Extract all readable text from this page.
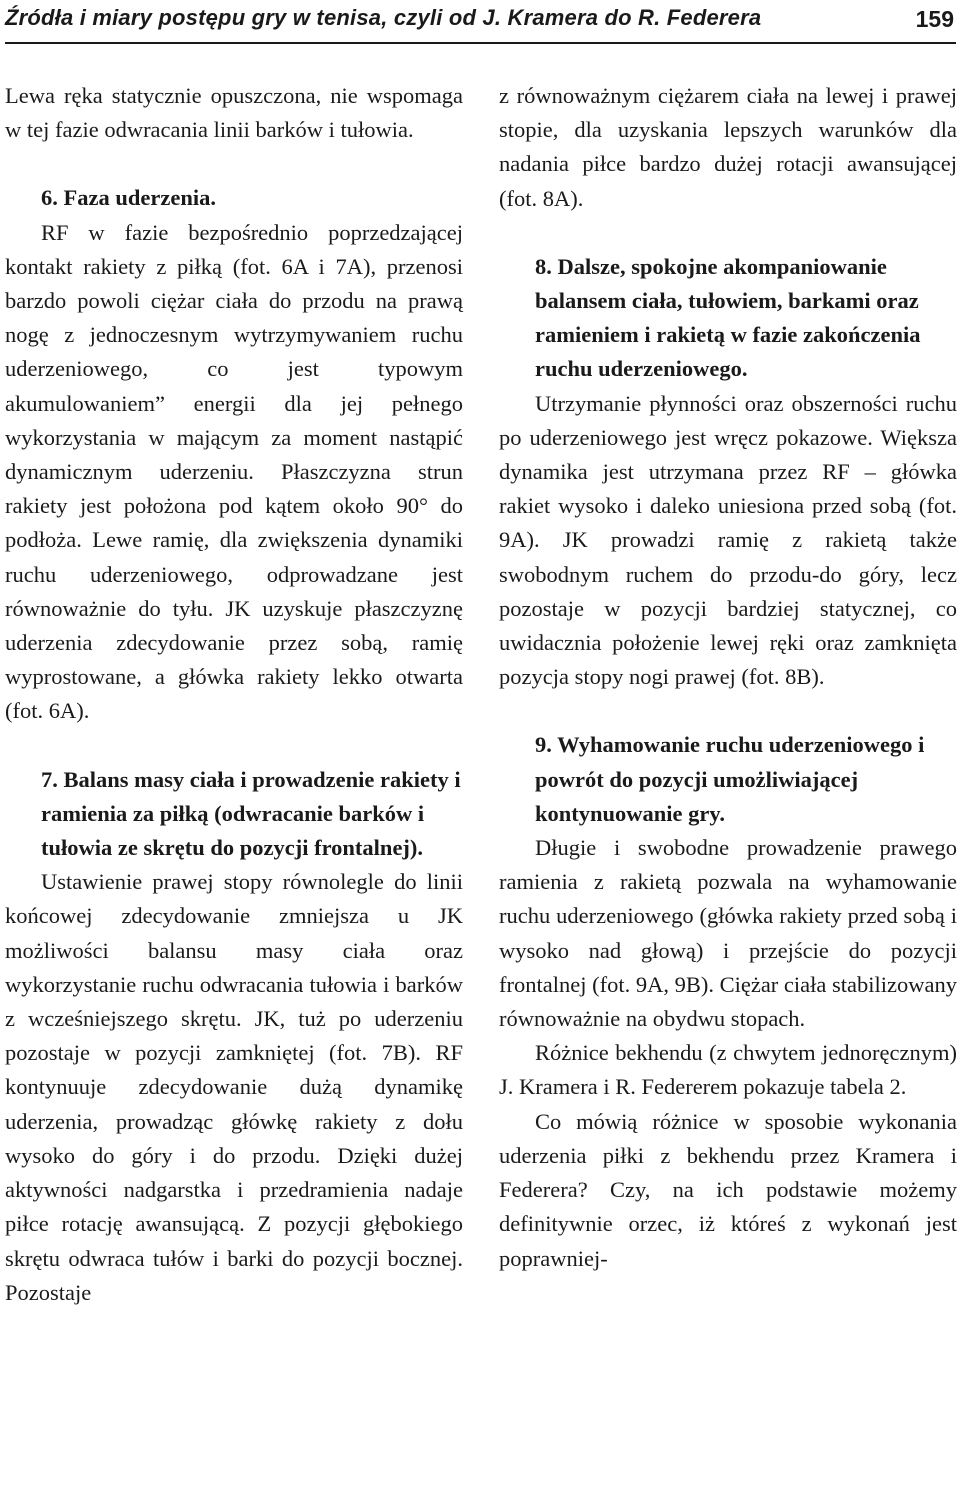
Źródła i miary postępu gry w tenisa, czyli od J. Kramera do R. Federera	159

Lewa ręka statycznie opuszczona, nie wspomaga w tej fazie odwracania linii barków i tułowia.

6. Faza uderzenia.

RF w fazie bezpośrednio poprzedzającej kontakt rakiety z piłką (fot. 6A i 7A), przenosi barzdo powoli ciężar ciała do przodu na prawą nogę z jednoczesnym wytrzymywaniem ruchu uderzeniowego, co jest typowym akumulowaniem” energii dla jej pełnego wykorzystania w mającym za moment nastąpić dynamicznym uderzeniu. Płaszczyzna strun rakiety jest położona pod kątem około 90° do podłoża. Lewe ramię, dla zwiększenia dynamiki ruchu uderzeniowego, odprowadzane jest równoważnie do tyłu. JK uzyskuje płaszczyznę uderzenia zdecydowanie przez sobą, ramię wyprostowane, a główka rakiety lekko otwarta (fot. 6A).

7. Balans masy ciała i prowadzenie rakiety i ramienia za piłką (odwracanie barków i tułowia ze skrętu do pozycji frontalnej).

Ustawienie prawej stopy równolegle do linii końcowej zdecydowanie zmniejsza u JK możliwości balansu masy ciała oraz wykorzystanie ruchu odwracania tułowia i barków z wcześniejszego skrętu. JK, tuż po uderzeniu pozostaje w pozycji zamkniętej (fot. 7B). RF kontynuuje zdecydowanie dużą dynamikę uderzenia, prowadząc główkę rakiety z dołu wysoko do góry i do przodu. Dzięki dużej aktywności nadgarstka i przedramienia nadaje piłce rotację awansującą. Z pozycji głębokiego skrętu odwraca tułów i barki do pozycji bocznej. Pozostaje

z równoważnym ciężarem ciała na lewej i prawej stopie, dla uzyskania lepszych warunków dla nadania piłce bardzo dużej rotacji awansującej (fot. 8A).

8. Dalsze, spokojne akompaniowanie balansem ciała, tułowiem, barkami oraz ramieniem i rakietą w fazie zakończenia ruchu uderzeniowego.

Utrzymanie płynności oraz obszerności ruchu po uderzeniowego jest wręcz pokazowe. Większa dynamika jest utrzymana przez RF – główka rakiet wysoko i daleko uniesiona przed sobą (fot. 9A). JK prowadzi ramię z rakietą także swobodnym ruchem do przodu-do góry, lecz pozostaje w pozycji bardziej statycznej, co uwidacznia położenie lewej ręki oraz zamknięta pozycja stopy nogi prawej (fot. 8B).

9. Wyhamowanie ruchu uderzeniowego i powrót do pozycji umożliwiającej kontynuowanie gry.

Długie i swobodne prowadzenie prawego ramienia z rakietą pozwala na wyhamowanie ruchu uderzeniowego (główka rakiety przed sobą i wysoko nad głową) i przejście do pozycji frontalnej (fot. 9A, 9B). Ciężar ciała stabilizowany równoważnie na obydwu stopach.

Różnice bekhendu (z chwytem jednoręcznym) J. Kramera i R. Federerem pokazuje tabela 2.

Co mówią różnice w sposobie wykonania uderzenia piłki z bekhendu przez Kramera i Federera? Czy, na ich podstawie możemy definitywnie orzec, iż któreś z wykonań jest poprawniej-
